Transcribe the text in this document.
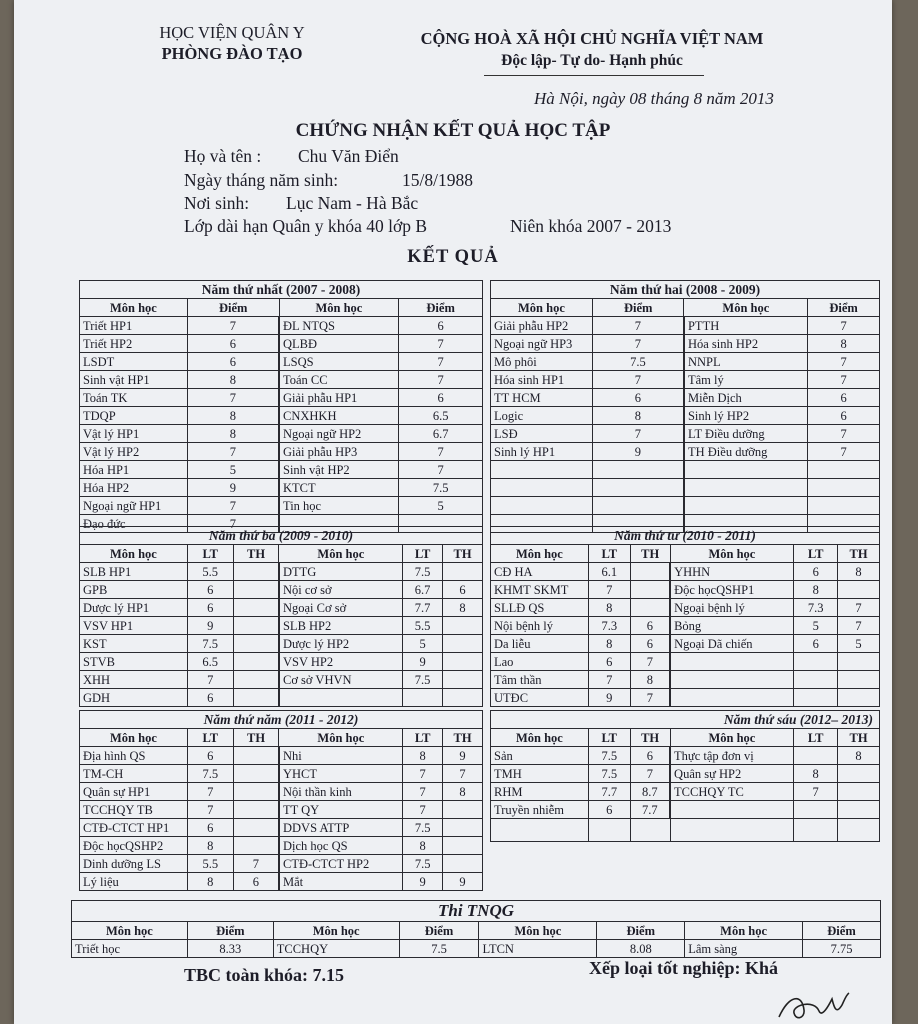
HỌC VIỆN QUÂN Y
PHÒNG ĐÀO TẠO
CỘNG HOÀ XÃ HỘI CHỦ NGHĨA VIỆT NAM
Độc lập- Tự do- Hạnh phúc
Hà Nội, ngày 08 tháng 8 năm 2013
CHỨNG NHẬN KẾT QUẢ HỌC TẬP
Họ và tên : Chu Văn Điển
Ngày tháng năm sinh:	15/8/1988
Nơi sinh: Lục Nam - Hà Bắc
Lớp dài hạn Quân y khóa 40 lớp B	Niên khóa 2007 - 2013
KẾT QUẢ
Năm thứ nhất (2007 - 2008)			
Môn học	Điểm	Môn học	Điểm
Triết HP1	7	ĐL NTQS	6
Triết HP2	6	QLBĐ	7
LSDT	6	LSQS	7
Sinh vật HP1	8	Toán CC	7
Toán TK	7	Giải phẫu HP1	6
TDQP	8	CNXHKH	6.5
Vật lý HP1	8	Ngoại ngữ HP2	6.7
Vật lý HP2	7	Giải phẫu HP3	7
Hóa HP1	5	Sinh vật HP2	7
Hóa HP2	9	KTCT	7.5
Ngoại ngữ HP1	7	Tin học	5
Đạo đức	7		
Năm thứ hai (2008 - 2009)			
Môn học	Điểm	Môn học	Điểm
Giải phẫu HP2	7	PTTH	7
Ngoại ngữ HP3	7	Hóa sinh HP2	8
Mô phôi	7.5	NNPL	7
Hóa sinh HP1	7	Tâm lý	7
TT HCM	6	Miễn Dịch	6
Logic	8	Sinh lý HP2	6
LSĐ	7	LT Điều dưỡng	7
Sinh lý HP1	9	TH Điều dưỡng	7

Năm thứ ba (2009 - 2010)					
Môn học	LT	TH	Môn học	LT	TH
SLB HP1	5.5		DTTG	7.5	
GPB	6		Nội cơ sở	6.7	6
Dược lý HP1	6		Ngoại Cơ sở	7.7	8
VSV HP1	9		SLB HP2	5.5	
KST	7.5		Dược lý HP2	5	
STVB	6.5		VSV HP2	9	
XHH	7		Cơ sở VHVN	7.5	
GDH	6				
Năm thứ tư (2010 - 2011)					
Môn học	LT	TH	Môn học	LT	TH
CĐ HA	6.1		YHHN	6	8
KHMT SKMT	7		Độc họcQSHP1	8	
SLLĐ QS	8		Ngoại bệnh lý	7.3	7
Nội bệnh lý	7.3	6	Bỏng	5	7
Da liễu	8	6	Ngoại Dã chiến	6	5
Lao	6	7			
Tâm thần	7	8			
UTĐC	9	7			
Năm thứ năm (2011 - 2012)					
Môn học	LT	TH	Môn học	LT	TH
Địa hình QS	6		Nhi	8	9
TM-CH	7.5		YHCT	7	7
Quân sự HP1	7		Nội thần kinh	7	8
TCCHQY TB	7		TT QY	7	
CTĐ-CTCT HP1	6		DDVS ATTP	7.5	
Độc họcQSHP2	8		Dịch học QS	8	
Dinh dưỡng LS	5.5	7	CTĐ-CTCT HP2	7.5	
Lý liệu	8	6	Mắt	9	9
Năm thứ sáu (2012– 2013)					
Môn học	LT	TH	Môn học	LT	TH
Sản	7.5	6	Thực tập đơn vị		8
TMH	7.5	7	Quân sự HP2	8	
RHM	7.7	8.7	TCCHQY TC	7	
Truyền nhiễm	6	7.7			

Thi TNQG							
Môn học	Điểm	Môn học	Điểm	Môn học	Điểm	Môn học	Điểm
Triết học	8.33	TCCHQY	7.5	LTCN	8.08	Lâm sàng	7.75
TBC toàn khóa: 7.15	Xếp loại tốt nghiệp: Khá
